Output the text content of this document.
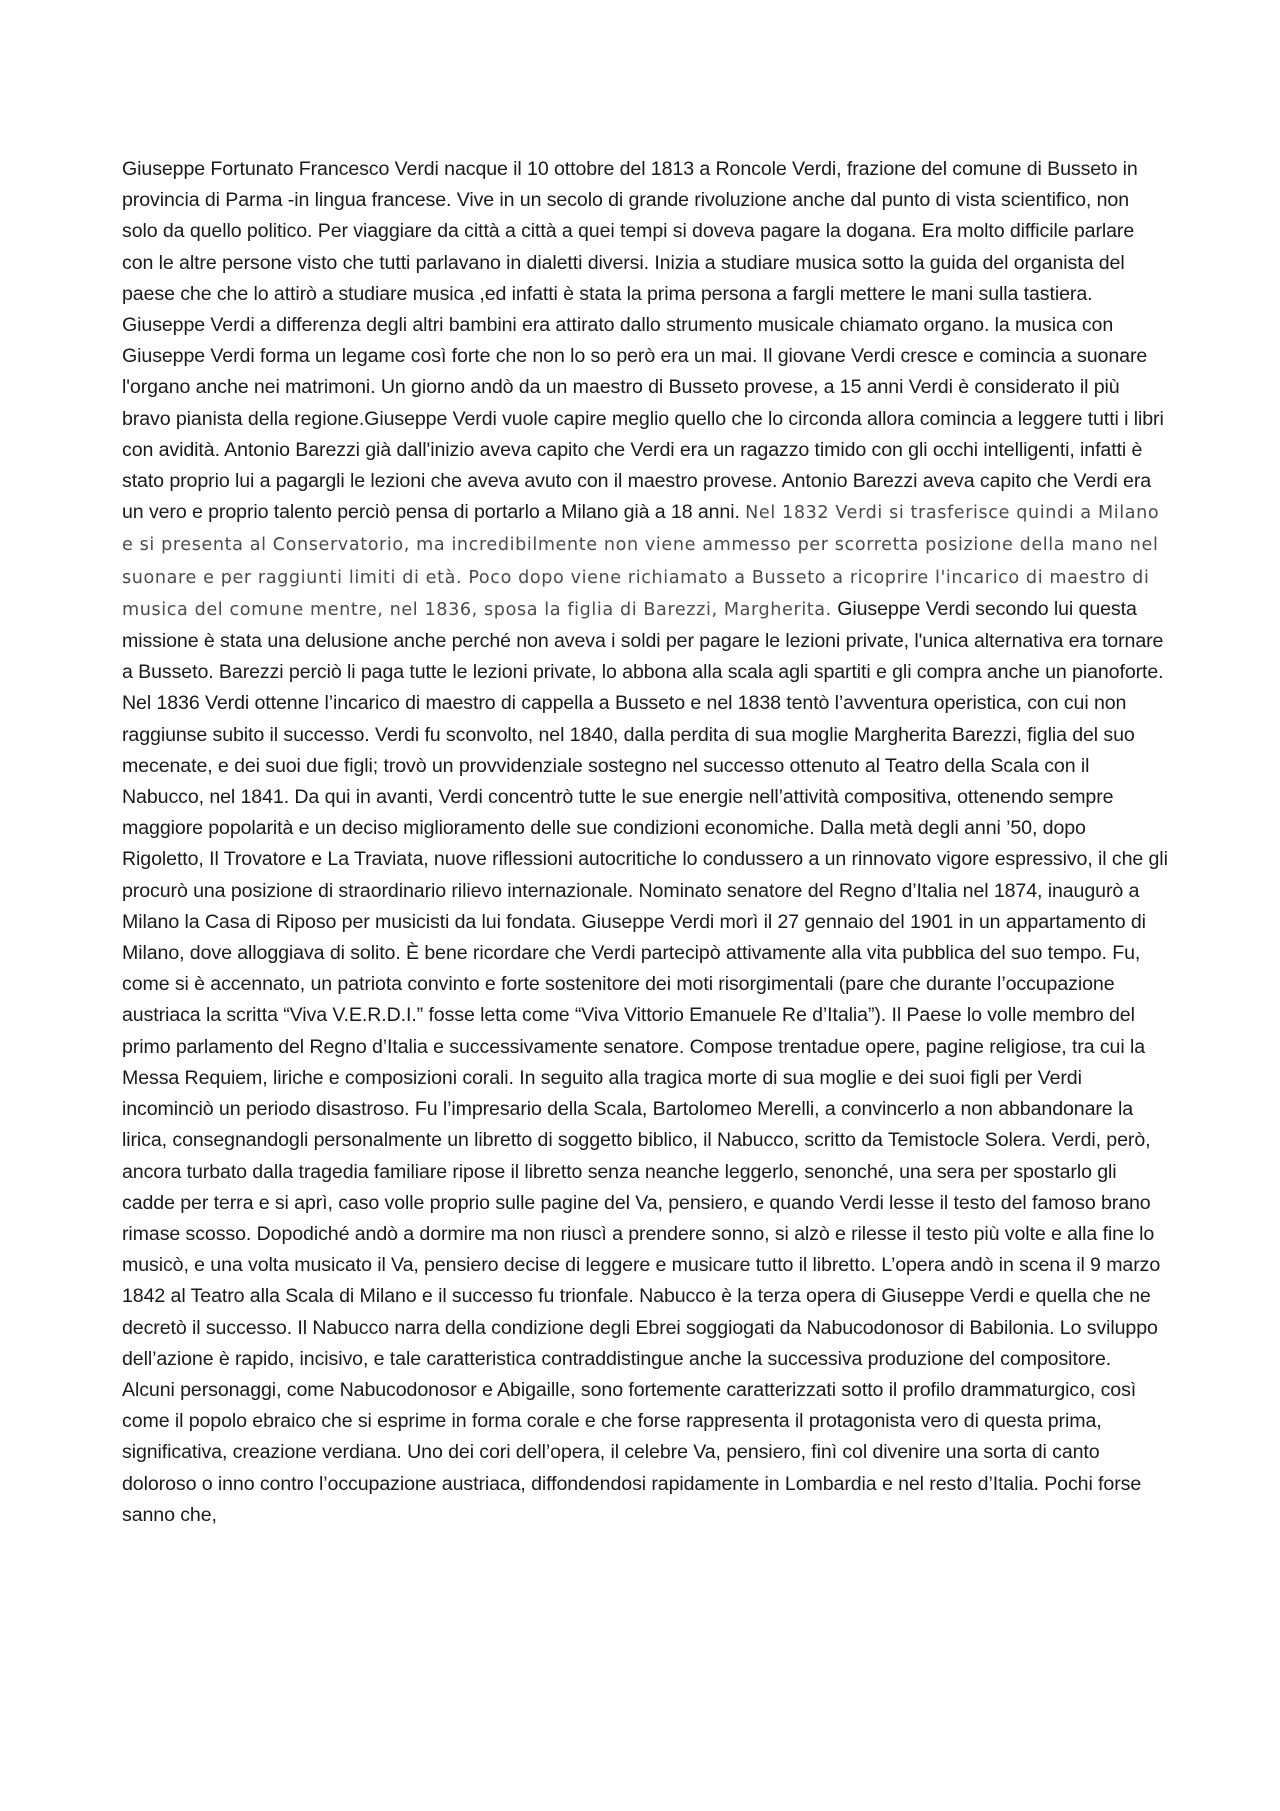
Giuseppe Fortunato Francesco Verdi nacque il 10 ottobre del 1813 a Roncole Verdi, frazione del comune di Busseto in provincia di Parma -in lingua francese. Vive in un secolo di grande rivoluzione anche dal punto di vista scientifico, non solo da quello politico. Per viaggiare da città a città a quei tempi si doveva pagare la dogana. Era molto difficile parlare con le altre persone visto che tutti parlavano in dialetti diversi. Inizia a studiare musica sotto la guida del organista del paese che che lo attirò a studiare musica ,ed infatti è stata la prima persona a fargli mettere le mani sulla tastiera. Giuseppe Verdi a differenza degli altri bambini era attirato dallo strumento musicale chiamato organo. la musica con Giuseppe Verdi forma un legame così forte che non lo so però era un mai. Il giovane Verdi cresce e comincia a suonare l'organo anche nei matrimoni. Un giorno andò da un maestro di Busseto provese, a 15 anni Verdi è considerato il più bravo pianista della regione.Giuseppe Verdi vuole capire meglio quello che lo circonda allora comincia a leggere tutti i libri con avidità. Antonio Barezzi già dall'inizio aveva capito che Verdi era un ragazzo timido con gli occhi intelligenti, infatti è stato proprio lui a pagargli le lezioni che aveva avuto con il maestro provese. Antonio Barezzi aveva capito che Verdi era un vero e proprio talento perciò pensa di portarlo a Milano già a 18 anni. Nel 1832 Verdi si trasferisce quindi a Milano e si presenta al Conservatorio, ma incredibilmente non viene ammesso per scorretta posizione della mano nel suonare e per raggiunti limiti di età. Poco dopo viene richiamato a Busseto a ricoprire l'incarico di maestro di musica del comune mentre, nel 1836, sposa la figlia di Barezzi, Margherita. Giuseppe Verdi secondo lui questa missione è stata una delusione anche perché non aveva i soldi per pagare le lezioni private, l'unica alternativa era tornare a Busseto. Barezzi perciò li paga tutte le lezioni private, lo abbona alla scala agli spartiti e gli compra anche un pianoforte. Nel 1836 Verdi ottenne l’incarico di maestro di cappella a Busseto e nel 1838 tentò l’avventura operistica, con cui non raggiunse subito il successo. Verdi fu sconvolto, nel 1840, dalla perdita di sua moglie Margherita Barezzi, figlia del suo mecenate, e dei suoi due figli; trovò un provvidenziale sostegno nel successo ottenuto al Teatro della Scala con il Nabucco, nel 1841. Da qui in avanti, Verdi concentrò tutte le sue energie nell’attività compositiva, ottenendo sempre maggiore popolarità e un deciso miglioramento delle sue condizioni economiche. Dalla metà degli anni ’50, dopo Rigoletto, Il Trovatore e La Traviata, nuove riflessioni autocritiche lo condussero a un rinnovato vigore espressivo, il che gli procurò una posizione di straordinario rilievo internazionale. Nominato senatore del Regno d’Italia nel 1874, inaugurò a Milano la Casa di Riposo per musicisti da lui fondata. Giuseppe Verdi morì il 27 gennaio del 1901 in un appartamento di Milano, dove alloggiava di solito. È bene ricordare che Verdi partecipò attivamente alla vita pubblica del suo tempo. Fu, come si è accennato, un patriota convinto e forte sostenitore dei moti risorgimentali (pare che durante l’occupazione austriaca la scritta “Viva V.E.R.D.I.” fosse letta come “Viva Vittorio Emanuele Re d’Italia”). Il Paese lo volle membro del primo parlamento del Regno d’Italia e successivamente senatore. Compose trentadue opere, pagine religiose, tra cui la Messa Requiem, liriche e composizioni corali. In seguito alla tragica morte di sua moglie e dei suoi figli per Verdi incominciò un periodo disastroso. Fu l’impresario della Scala, Bartolomeo Merelli, a convincerlo a non abbandonare la lirica, consegnandogli personalmente un libretto di soggetto biblico, il Nabucco, scritto da Temistocle Solera. Verdi, però, ancora turbato dalla tragedia familiare ripose il libretto senza neanche leggerlo, senonché, una sera per spostarlo gli cadde per terra e si aprì, caso volle proprio sulle pagine del Va, pensiero, e quando Verdi lesse il testo del famoso brano rimase scosso. Dopodiché andò a dormire ma non riuscì a prendere sonno, si alzò e rilesse il testo più volte e alla fine lo musicò, e una volta musicato il Va, pensiero decise di leggere e musicare tutto il libretto. L’opera andò in scena il 9 marzo 1842 al Teatro alla Scala di Milano e il successo fu trionfale. Nabucco è la terza opera di Giuseppe Verdi e quella che ne decretò il successo. Il Nabucco narra della condizione degli Ebrei soggiogati da Nabucodonosor di Babilonia. Lo sviluppo dell’azione è rapido, incisivo, e tale caratteristica contraddistingue anche la successiva produzione del compositore. Alcuni personaggi, come Nabucodonosor e Abigaille, sono fortemente caratterizzati sotto il profilo drammaturgico, così come il popolo ebraico che si esprime in forma corale e che forse rappresenta il protagonista vero di questa prima, significativa, creazione verdiana. Uno dei cori dell’opera, il celebre Va, pensiero, finì col divenire una sorta di canto doloroso o inno contro l’occupazione austriaca, diffondendosi rapidamente in Lombardia e nel resto d’Italia. Pochi forse sanno che,
